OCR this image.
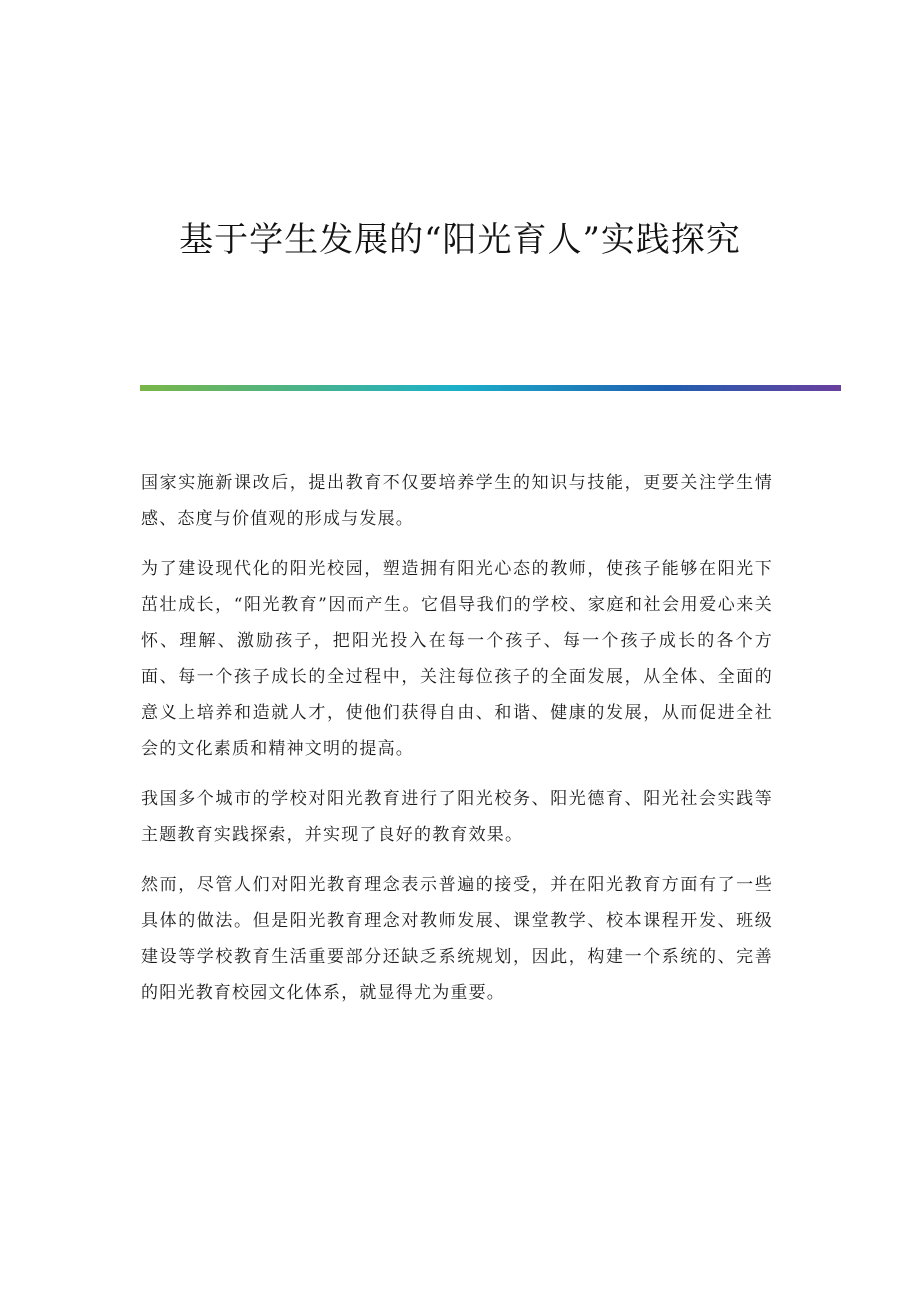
基于学生发展的“阳光育人”实践探究

国家实施新课改后，提出教育不仅要培养学生的知识与技能，更要关注学生情感、态度与价值观的形成与发展。

为了建设现代化的阳光校园，塑造拥有阳光心态的教师，使孩子能够在阳光下茁壮成长，“阳光教育”因而产生。它倡导我们的学校、家庭和社会用爱心来关怀、理解、激励孩子，把阳光投入在每一个孩子、每一个孩子成长的各个方面、每一个孩子成长的全过程中，关注每位孩子的全面发展，从全体、全面的意义上培养和造就人才，使他们获得自由、和谐、健康的发展，从而促进全社会的文化素质和精神文明的提高。

我国多个城市的学校对阳光教育进行了阳光校务、阳光德育、阳光社会实践等主题教育实践探索，并实现了良好的教育效果。

然而，尽管人们对阳光教育理念表示普遍的接受，并在阳光教育方面有了一些具体的做法。但是阳光教育理念对教师发展、课堂教学、校本课程开发、班级建设等学校教育生活重要部分还缺乏系统规划，因此，构建一个系统的、完善的阳光教育校园文化体系，就显得尤为重要。
